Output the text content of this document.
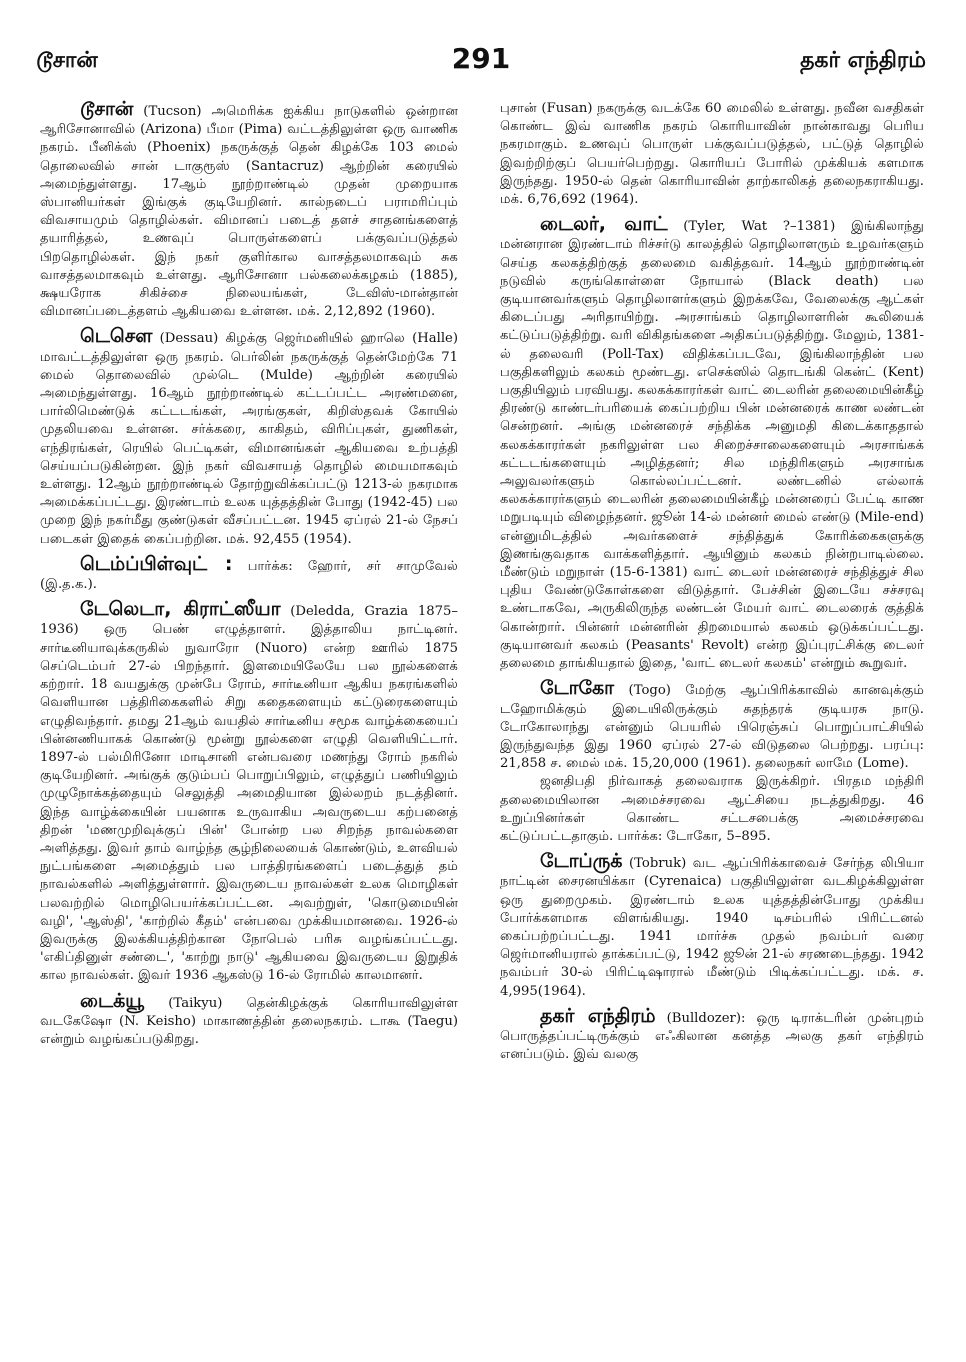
டூசான்	291	தகர் எந்திரம்

டூசான் (Tucson) அமெரிக்க ஐக்கிய நாடுகளில் ஒன்றான ஆரிசோனாவில் (Arizona) பீமா (Pima) வட்டத்திலுள்ள ஒரு வாணிக நகரம். பீனிக்ஸ் (Phoenix) நகருக்குத் தென் கிழக்கே 103 மைல் தொலைவில் சான் டாகுரூஸ் (Santacruz) ஆற்றின் கரையில் அமைந்துள்ளது. 17ஆம் நூற்றாண்டில் முதன் முறையாக ஸ்பானியர்கள் இங்குக் குடியேறினர். கால்நடைப் பராமரிப்பும் விவசாயமும் தொழில்கள். விமானப் படைத் தளச் சாதனங்களைத் தயாரித்தல், உணவுப் பொருள்களைப் பக்குவப்படுத்தல் பிறதொழில்கள். இந் நகர் குளிர்கால வாசத்தலமாகவும் சுக வாசத்தலமாகவும் உள்ளது. ஆரிசோனா பல்கலைக்கழகம் (1885), க்ஷயரோக சிகிச்சை நிலையங்கள், டேவிஸ்-மான்தான் விமானப்படைத்தளம் ஆகியவை உள்ளன. மக். 2,12,892 (1960).

டெசௌ (Dessau) கிழக்கு ஜெர்மனியில் ஹாலெ (Halle) மாவட்டத்திலுள்ள ஒரு நகரம். பெர்லின் நகருக்குத் தென்மேற்கே 71 மைல் தொலைவில் முல்டெ (Mulde) ஆற்றின் கரையில் அமைந்துள்ளது. 16ஆம் நூற்றாண்டில் கட்டப்பட்ட அரண்மனை, பார்லிமெண்டுக் கட்டடங்கள், அரங்குகள், கிறிஸ்தவக் கோயில் முதலியவை உள்ளன. சர்க்கரை, காகிதம், விரிப்புகள், துணிகள், எந்திரங்கள், ரெயில் பெட்டிகள், விமானங்கள் ஆகியவை உற்பத்தி செய்யப்படுகின்றன. இந் நகர் விவசாயத் தொழில் மையமாகவும் உள்ளது. 12ஆம் நூற்றாண்டில் தோற்றுவிக்கப்பட்டு 1213-ல் நகரமாக அமைக்கப்பட்டது. இரண்டாம் உலக யுத்தத்தின் போது (1942-45) பல முறை இந் நகர்மீது குண்டுகள் வீசப்பட்டன. 1945 ஏப்ரல் 21-ல் நேசப் படைகள் இதைக் கைப்பற்றின. மக். 92,455 (1954).

டெம்ப்பிள்வுட் : பார்க்க: ஹோர், சர் சாமுவேல் (இ.த.க.).

டேலெடா, கிராட்ஸீயா (Deledda, Grazia 1875–1936) ஒரு பெண் எழுத்தாளர். இத்தாலிய நாட்டினர். சார்டீனியாவுக்கருகில் நுவாரோ (Nuoro) என்ற ஊரில் 1875 செப்டெம்பர் 27-ல் பிறந்தார். இளமையிலேயே பல நூல்களைக் கற்றார். 18 வயதுக்கு முன்பே ரோம், சார்டீனியா ஆகிய நகரங்களில் வெளியான பத்திரிகைகளில் சிறு கதைகளையும் கட்டுரைகளையும் எழுதிவந்தார். தமது 21ஆம் வயதில் சார்டீனிய சமூக வாழ்க்கையைப் பின்னணியாகக் கொண்டு மூன்று நூல்களை எழுதி வெளியிட்டார். 1897-ல் பல்மிரினோ மாடிசானி என்பவரை மணந்து ரோம் நகரில் குடியேறினர். அங்குக் குடும்பப் பொறுப்பிலும், எழுத்துப் பணியிலும் முழுநோக்கத்தையும் செலுத்தி அமைதியான இல்லறம் நடத்தினர். இந்த வாழ்க்கையின் பயனாக உருவாகிய அவருடைய கற்பனைத் திறன் 'மணமுறிவுக்குப் பின்' போன்ற பல சிறந்த நாவல்களை அளித்தது. இவர் தாம் வாழ்ந்த சூழ்நிலையைக் கொண்டும், உளவியல் நுட்பங்களை அமைத்தும் பல பாத்திரங்களைப் படைத்துத் தம் நாவல்களில் அளித்துள்ளார். இவருடைய நாவல்கள் உலக மொழிகள் பலவற்றில் மொழிபெயர்க்கப்பட்டன. அவற்றுள், 'கொடுமையின் வழி', 'ஆஸ்தி', 'காற்றில் கீதம்' என்பவை முக்கியமானவை. 1926-ல் இவருக்கு இலக்கியத்திற்கான நோபெல் பரிசு வழங்கப்பட்டது. 'எகிப்தினுள் சண்டை', 'காற்று நாடு' ஆகியவை இவருடைய இறுதிக் கால நாவல்கள். இவர் 1936 ஆகஸ்டு 16-ல் ரோமில் காலமானர்.

டைக்யூ (Taikyu) தென்கிழக்குக் கொரியாவிலுள்ள வடகேஷோ (N. Keisho) மாகாணத்தின் தலைநகரம். டாகூ (Taegu) என்றும் வழங்கப்படுகிறது.

புசான் (Fusan) நகருக்கு வடக்கே 60 மைலில் உள்ளது. நவீன வசதிகள் கொண்ட இவ் வாணிக நகரம் கொரியாவின் நான்காவது பெரிய நகரமாகும். உணவுப் பொருள் பக்குவப்படுத்தல், பட்டுத் தொழில் இவற்றிற்குப் பெயர்பெற்றது. கொரியப் போரில் முக்கியக் களமாக இருந்தது. 1950-ல் தென் கொரியாவின் தாற்காலிகத் தலைநகராகியது. மக். 6,76,692 (1964).

டைலர், வாட் (Tyler, Wat ?–1381) இங்கிலாந்து மன்னரான இரண்டாம் ரிச்சர்டு காலத்தில் தொழிலாளரும் உழவர்களும் செய்த கலகத்திற்குத் தலைமை வகித்தவர். 14ஆம் நூற்றாண்டின் நடுவில் கருங்கொள்ளை நோயால் (Black death) பல குடியானவர்களும் தொழிலாளர்களும் இறக்கவே, வேலைக்கு ஆட்கள் கிடைப்பது அரிதாயிற்று. அரசாங்கம் தொழிலாளரின் கூலியைக் கட்டுப்படுத்திற்று. வரி விகிதங்களை அதிகப்படுத்திற்று. மேலும், 1381-ல் தலைவரி (Poll-Tax) விதிக்கப்படவே, இங்கிலாந்தின் பல பகுதிகளிலும் கலகம் மூண்டது. எசெக்ஸில் தொடங்கி கென்ட் (Kent) பகுதியிலும் பரவியது. கலகக்காரர்கள் வாட் டைலரின் தலைமையின்கீழ் திரண்டு காண்டர்பரியைக் கைப்பற்றிய பின் மன்னரைக் காண லண்டன் சென்றனர். அங்கு மன்னரைச் சந்திக்க அனுமதி கிடைக்காததால் கலகக்காரர்கள் நகரிலுள்ள பல சிறைச்சாலைகளையும் அரசாங்கக் கட்டடங்களையும் அழித்தனர்; சில மந்திரிகளும் அரசாங்க அலுவலர்களும் கொல்லப்பட்டனர். லண்டனில் எல்லாக் கலகக்காரர்களும் டைலரின் தலைமையின்கீழ் மன்னரைப் பேட்டி காண மறுபடியும் விழைந்தனர். ஜூன் 14-ல் மன்னர் மைல் எண்டு (Mile-end) என்னுமிடத்தில் அவர்களைச் சந்தித்துக் கோரிக்கைகளுக்கு இணங்குவதாக வாக்களித்தார். ஆயினும் கலகம் நின்றபாடில்லை. மீண்டும் மறுநாள் (15-6-1381) வாட் டைலர் மன்னரைச் சந்தித்துச் சில புதிய வேண்டுகோள்களை விடுத்தார். பேச்சின் இடையே சச்சரவு உண்டாகவே, அருகிலிருந்த லண்டன் மேயர் வாட் டைலரைக் குத்திக் கொன்றார். பின்னர் மன்னரின் திறமையால் கலகம் ஒடுக்கப்பட்டது. குடியானவர் கலகம் (Peasants' Revolt) என்ற இப்புரட்சிக்கு டைலர் தலைமை தாங்கியதால் இதை, 'வாட் டைலர் கலகம்' என்றும் கூறுவர்.

டோகோ (Togo) மேற்கு ஆப்பிரிக்காவில் கானவுக்கும் டஹோமிக்கும் இடையிலிருக்கும் சுதந்தரக் குடியரசு நாடு. டோகோலாந்து என்னும் பெயரில் பிரெஞ்சுப் பொறுப்பாட்சியில் இருந்துவந்த இது 1960 ஏப்ரல் 27-ல் விடுதலை பெற்றது. பரப்பு: 21,858 ச. மைல் மக். 15,20,000 (1961). தலைநகர் லாமே (Lome).

ஜனதிபதி நிர்வாகத் தலைவராக இருக்கிறர். பிரதம மந்திரி தலைமையிலான அமைச்சரவை ஆட்சியை நடத்துகிறது. 46 உறுப்பினர்கள் கொண்ட சட்டசபைக்கு அமைச்சரவை கட்டுப்பட்டதாகும். பார்க்க: டோகோ, 5–895.

டோப்ருக் (Tobruk) வட ஆப்பிரிக்காவைச் சேர்ந்த லிபியா நாட்டின் சைரனயிக்கா (Cyrenaica) பகுதியிலுள்ள வடகிழக்கிலுள்ள ஒரு துறைமுகம். இரண்டாம் உலக யுத்தத்தின்போது முக்கிய போர்க்களமாக விளங்கியது. 1940 டிசம்பரில் பிரிட்டனல் கைப்பற்றப்பட்டது. 1941 மார்ச்சு முதல் நவம்பர் வரை ஜெர்மானியரால் தாக்கப்பட்டு, 1942 ஜூன் 21-ல் சரணடைந்தது. 1942 நவம்பர் 30-ல் பிரிட்டிஷாரால் மீண்டும் பிடிக்கப்பட்டது. மக். ச. 4,995(1964).

தகர் எந்திரம் (Bulldozer): ஒரு டிராக்டரின் முன்புறம் பொருத்தப்பட்டிருக்கும் எஃகிலான கனத்த அலகு தகர் எந்திரம் எனப்படும். இவ் வலகு
